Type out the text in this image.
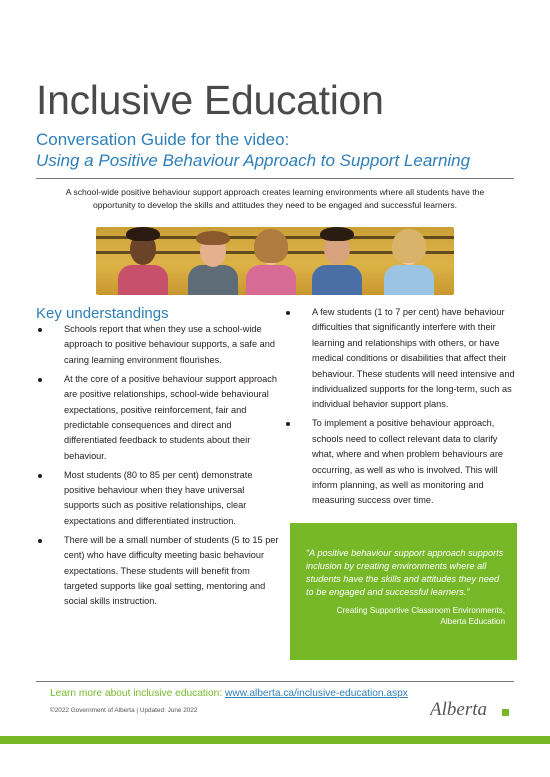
Inclusive Education

Conversation Guide for the video:

Using a Positive Behaviour Approach to Support Learning

A school-wide positive behaviour support approach creates learning environments where all students have the opportunity to develop the skills and attitudes they need to be engaged and successful learners.

Key understandings
Schools report that when they use a school-wide approach to positive behaviour supports, a safe and caring learning environment flourishes.
At the core of a positive behaviour support approach are positive relationships, school-wide behavioural expectations, positive reinforcement, fair and predictable consequences and direct and differentiated feedback to students about their behaviour.
Most students (80 to 85 per cent) demonstrate positive behaviour when they have universal supports such as positive relationships, clear expectations and differentiated instruction.
There will be a small number of students (5 to 15 per cent) who have difficulty meeting basic behaviour expectations. These students will benefit from targeted supports like goal setting, mentoring and social skills instruction.
A few students (1 to 7 per cent) have behaviour difficulties that significantly interfere with their learning and relationships with others, or have medical conditions or disabilities that affect their behaviour. These students will need intensive and individualized supports for the long-term, such as individual behavior support plans.
To implement a positive behaviour approach, schools need to collect relevant data to clarify what, where and when problem behaviours are occurring, as well as who is involved. This will inform planning, as well as monitoring and measuring success over time.

“A positive behaviour support approach supports inclusion by creating environments where all students have the skills and attitudes they need to be engaged and successful learners.”

Creating Supportive Classroom Environments,

Alberta Education

Learn more about inclusive education: www.alberta.ca/inclusive-education.aspx

©2022 Government of Alberta | Updated: June 2022	Alberta
